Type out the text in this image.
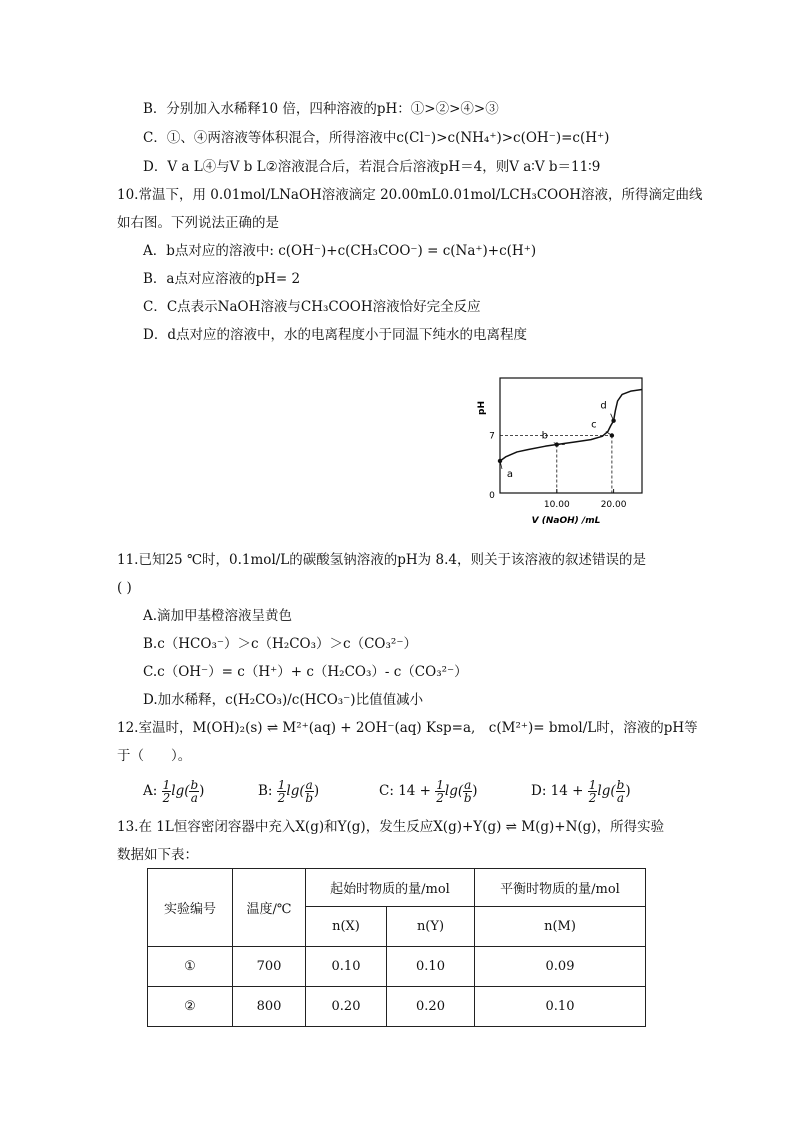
B．分别加入水稀释10 倍，四种溶液的pH：①>②>④>③
C．①、④两溶液等体积混合，所得溶液中c(Cl⁻)>c(NH₄⁺)>c(OH⁻)=c(H⁺)
D．V a L④与V b L②溶液混合后，若混合后溶液pH＝4，则V a∶V b＝11∶9
10.常温下，用 0.01mol/LNaOH溶液滴定 20.00mL0.01mol/LCH₃COOH溶液，所得滴定曲线
如右图。下列说法正确的是
A．b点对应的溶液中: c(OH⁻)+c(CH₃COO⁻) = c(Na⁺)+c(H⁺)
B．a点对应溶液的pH= 2
C．C点表示NaOH溶液与CH₃COOH溶液恰好完全反应
D．d点对应的溶液中，水的电离程度小于同温下纯水的电离程度
pH
V (NaOH) /mL
0
10.00	20.00
7
a
b
c
d
11.已知25 ℃时，0.1mol/L的碳酸氢钠溶液的pH为 8.4，则关于该溶液的叙述错误的是
( )
A.滴加甲基橙溶液呈黄色
B.c（HCO₃⁻）＞c（H₂CO₃）＞c（CO₃²⁻）
C.c（OH⁻）= c（H⁺）+ c（H₂CO₃）- c（CO₃²⁻）
D.加水稀释，c(H₂CO₃)/c(HCO₃⁻)比值值减小
12.室温时，M(OH)₂(s) ⇌ M²⁺(aq) + 2OH⁻(aq) Ksp=a,　c(M²⁺)= bmol/L时，溶液的pH等
于（　　）。
A: $\frac{1}{2} \lg( \frac{b}{a}$ )	B: $\frac{1}{2} \lg( \frac{a}{b}$ )	C: $14 + \frac{1}{2} \lg( \frac{a}{b}$ )	D: $14 + \frac{1}{2} \lg( \frac{b}{a}$ )
13.在 1L恒容密闭容器中充入X(g)和Y(g)，发生反应X(g)+Y(g) ⇌ M(g)+N(g)，所得实验
数据如下表：
实验编号	温度/℃	起始时物质的量/mol		平衡时物质的量/mol
		n(X)	n(Y)	n(M)
①	700	0.10	0.10	0.09
②	800	0.20	0.20	0.10
